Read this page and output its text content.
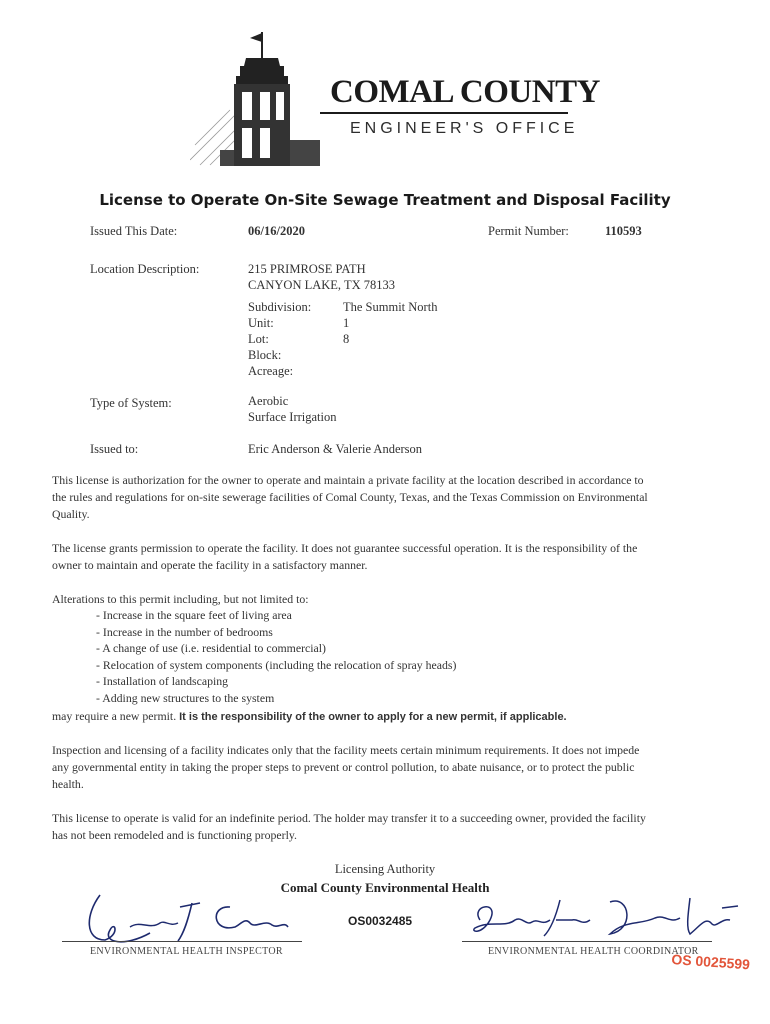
COMAL COUNTY
ENGINEER'S OFFICE
License to Operate On-Site Sewage Treatment and Disposal Facility
Issued This Date:	06/16/2020	Permit Number:	110593
Location Description:	215 PRIMROSE PATH
CANYON LAKE, TX 78133
Subdivision:	The Summit North
Unit:	1
Lot:	8
Block:
Acreage:
Type of System:	Aerobic
Surface Irrigation
Issued to:	Eric Anderson & Valerie Anderson
This license is authorization for the owner to operate and maintain a private facility at the location described in accordance to the rules and regulations for on-site sewerage facilities of Comal County, Texas, and the Texas Commission on Environmental Quality.
The license grants permission to operate the facility. It does not guarantee successful operation. It is the responsibility of the owner to maintain and operate the facility in a satisfactory manner.
Alterations to this permit including, but not limited to:
- Increase in the square feet of living area
- Increase in the number of bedrooms
- A change of use (i.e. residential to commercial)
- Relocation of system components (including the relocation of spray heads)
- Installation of landscaping
- Adding new structures to the system
may require a new permit. It is the responsibility of the owner to apply for a new permit, if applicable.
Inspection and licensing of a facility indicates only that the facility meets certain minimum requirements. It does not impede any governmental entity in taking the proper steps to prevent or control pollution, to abate nuisance, or to protect the public health.
This license to operate is valid for an indefinite period. The holder may transfer it to a succeeding owner, provided the facility has not been remodeled and is functioning properly.
Licensing Authority
Comal County Environmental Health
ENVIRONMENTAL HEALTH INSPECTOR
OS0032485
ENVIRONMENTAL HEALTH COORDINATOR
OS 0025599
